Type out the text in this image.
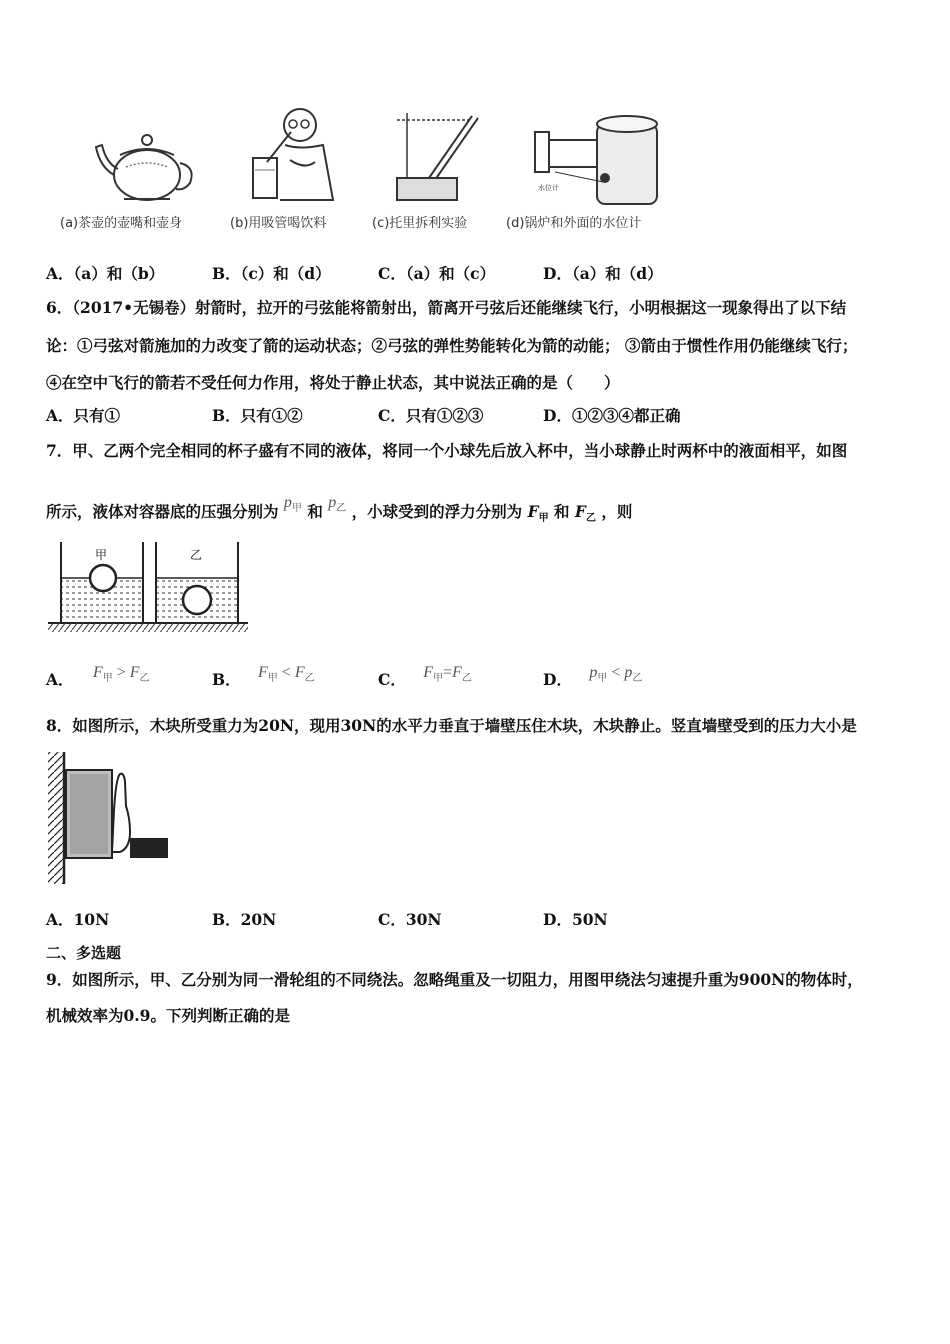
水位计
(a)茶壶的壶嘴和壶身	(b)用吸管喝饮料	(c)托里拆利实验	(d)锅炉和外面的水位计
A．（a）和（b）	B．（c）和（d）	C．（a）和（c）	D．（a）和（d）
6．（2017•无锡卷）射箭时，拉开的弓弦能将箭射出，箭离开弓弦后还能继续飞行，小明根据这一现象得出了以下结
论：①弓弦对箭施加的力改变了箭的运动状态；②弓弦的弹性势能转化为箭的动能； ③箭由于惯性作用仍能继续飞行；
④在空中飞行的箭若不受任何力作用，将处于静止状态，其中说法正确的是（　　）
A．只有①	B．只有①②	C．只有①②③	D．①②③④都正确
7．甲、乙两个完全相同的杯子盛有不同的液体，将同一个小球先后放入杯中，当小球静止时两杯中的液面相平，如图
所示，液体对容器底的压强分别为 $p_甲$ 和 $p_乙$ ，小球受到的浮力分别为 $F_甲$ 和 $F_乙$ ，则
甲	乙
A． $F_甲 > F_乙$	B． $F_甲 < F_乙$	C． $F_甲=F_乙$	D． $p_甲 < p_乙$
8．如图所示，木块所受重力为20N，现用30N的水平力垂直于墙壁压住木块，木块静止。竖直墙壁受到的压力大小是
A．10N	B．20N	C．30N	D．50N
二、多选题
9．如图所示，甲、乙分别为同一滑轮组的不同绕法。忽略绳重及一切阻力，用图甲绕法匀速提升重为900N的物体时，
机械效率为0.9。下列判断正确的是
